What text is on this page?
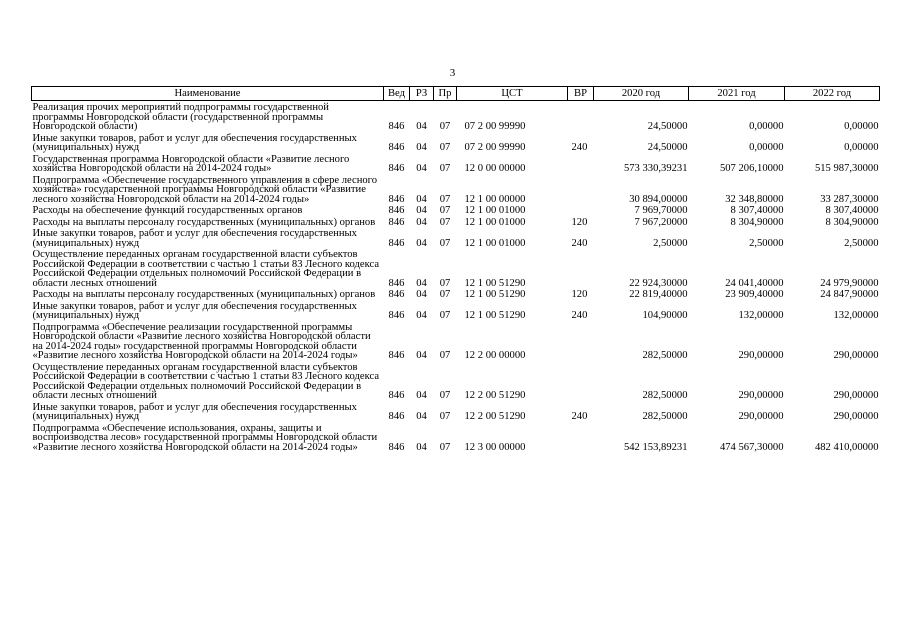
3
Наименование	Вед	РЗ	Пр	ЦСТ	ВР	2020 год	2021 год	2022 год
Реализация прочих мероприятий подпрограммы государственной программы Новгородской области (государственной программы Новгородской области)	846	04	07	07 2 00 99990		24,50000	0,00000	0,00000
Иные закупки товаров, работ и услуг для обеспечения государственных (муниципальных) нужд	846	04	07	07 2 00 99990	240	24,50000	0,00000	0,00000
Государственная программа Новгородской области «Развитие лесного хозяйства Новгородской области на 2014-2024 годы»	846	04	07	12 0 00 00000		573 330,39231	507 206,10000	515 987,30000
Подпрограмма «Обеспечение государственного управления в сфере лесного хозяйства» государственной программы Новгородской области «Развитие лесного хозяйства Новгородской области на 2014-2024 годы»	846	04	07	12 1 00 00000		30 894,00000	32 348,80000	33 287,30000
Расходы на обеспечение функций государственных органов	846	04	07	12 1 00 01000		7 969,70000	8 307,40000	8 307,40000
Расходы на выплаты персоналу государственных (муниципальных) органов	846	04	07	12 1 00 01000	120	7 967,20000	8 304,90000	8 304,90000
Иные закупки товаров, работ и услуг для обеспечения государственных (муниципальных) нужд	846	04	07	12 1 00 01000	240	2,50000	2,50000	2,50000
Осуществление переданных органам государственной власти субъектов Российской Федерации в соответствии с частью 1 статьи 83 Лесного кодекса Российской Федерации отдельных полномочий Российской Федерации в области лесных отношений	846	04	07	12 1 00 51290		22 924,30000	24 041,40000	24 979,90000
Расходы на выплаты персоналу государственных (муниципальных) органов	846	04	07	12 1 00 51290	120	22 819,40000	23 909,40000	24 847,90000
Иные закупки товаров, работ и услуг для обеспечения государственных (муниципальных) нужд	846	04	07	12 1 00 51290	240	104,90000	132,00000	132,00000
Подпрограмма «Обеспечение реализации государственной программы Новгородской области «Развитие лесного хозяйства Новгородской области на 2014-2024 годы» государственной программы Новгородской области «Развитие лесного хозяйства Новгородской области на 2014-2024 годы»	846	04	07	12 2 00 00000		282,50000	290,00000	290,00000
Осуществление переданных органам государственной власти субъектов Российской Федерации в соответствии с частью 1 статьи 83 Лесного кодекса Российской Федерации отдельных полномочий Российской Федерации в области лесных отношений	846	04	07	12 2 00 51290		282,50000	290,00000	290,00000
Иные закупки товаров, работ и услуг для обеспечения государственных (муниципальных) нужд	846	04	07	12 2 00 51290	240	282,50000	290,00000	290,00000
Подпрограмма «Обеспечение использования, охраны, защиты и воспроизводства лесов» государственной программы Новгородской области «Развитие лесного хозяйства Новгородской области на 2014-2024 годы»	846	04	07	12 3 00 00000		542 153,89231	474 567,30000	482 410,00000
